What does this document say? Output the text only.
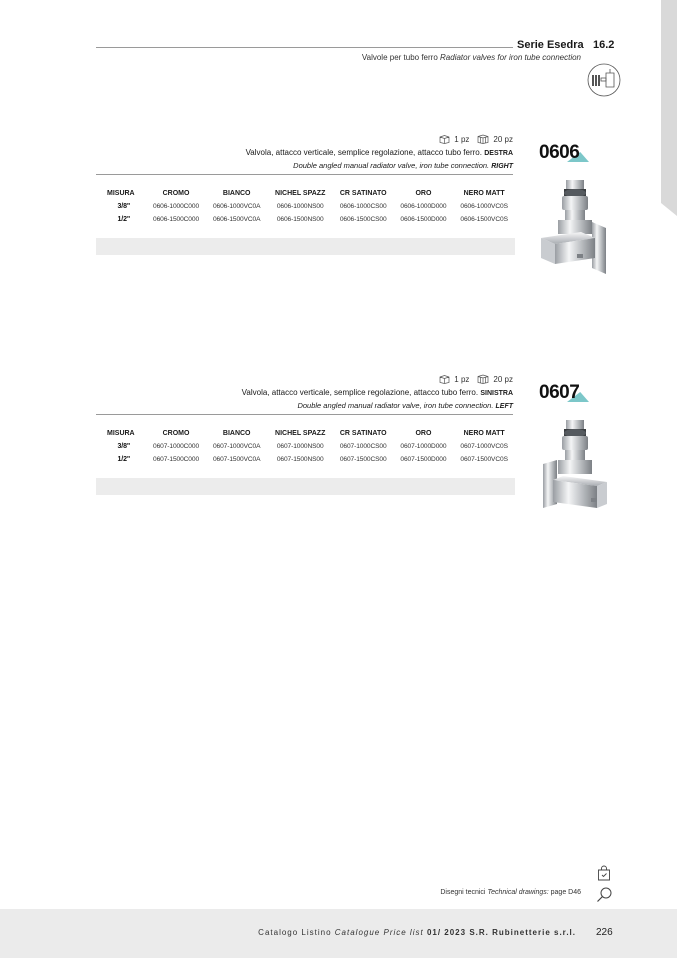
Serie Esedra 16.2
Valvole per tubo ferro Radiator valves for iron tube connection
1 pz	20 pz
Valvola, attacco verticale, semplice regolazione, attacco tubo ferro. DESTRA
Double angled manual radiator valve, iron tube connection. RIGHT
0606
MISURA	CROMO	BIANCO	NICHEL SPAZZ	CR SATINATO	ORO	NERO MATT
3/8"	0606-1000C000	0606-1000VC0A	0606-1000NS00	0606-1000CS00	0606-1000D000	0606-1000VC0S
1/2"	0606-1500C000	0606-1500VC0A	0606-1500NS00	0606-1500CS00	0606-1500D000	0606-1500VC0S
1 pz	20 pz
Valvola, attacco verticale, semplice regolazione, attacco tubo ferro. SINISTRA
Double angled manual radiator valve, iron tube connection. LEFT
0607
MISURA	CROMO	BIANCO	NICHEL SPAZZ	CR SATINATO	ORO	NERO MATT
3/8"	0607-1000C000	0607-1000VC0A	0607-1000NS00	0607-1000CS00	0607-1000D000	0607-1000VC0S
1/2"	0607-1500C000	0607-1500VC0A	0607-1500NS00	0607-1500CS00	0607-1500D000	0607-1500VC0S
Disegni tecnici Technical drawings: page D46
Catalogo Listino Catalogue Price list 01/ 2023 S.R. Rubinetterie s.r.l. 226
